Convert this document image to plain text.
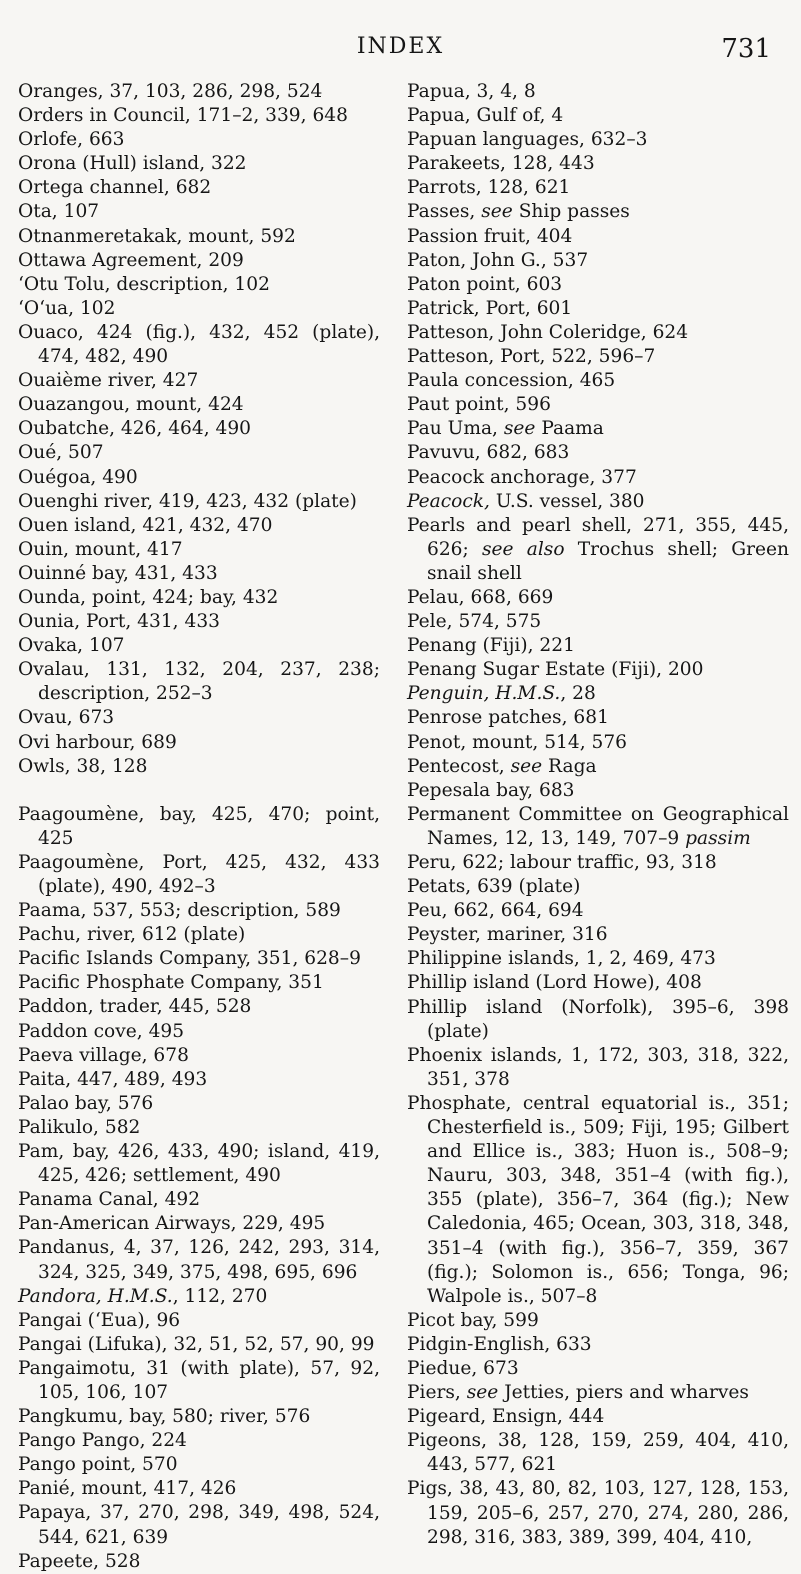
INDEX	731
Oranges, 37, 103, 286, 298, 524
Orders in Council, 171–2, 339, 648
Orlofe, 663
Orona (Hull) island, 322
Ortega channel, 682
Ota, 107
Otnanmeretakak, mount, 592
Ottawa Agreement, 209
‘Otu Tolu, description, 102
‘O‘ua, 102
Ouaco, 424 (fig.), 432, 452 (plate), 474, 482, 490
Ouaième river, 427
Ouazangou, mount, 424
Oubatche, 426, 464, 490
Oué, 507
Ouégoa, 490
Ouenghi river, 419, 423, 432 (plate)
Ouen island, 421, 432, 470
Ouin, mount, 417
Ouinné bay, 431, 433
Ounda, point, 424; bay, 432
Ounia, Port, 431, 433
Ovaka, 107
Ovalau, 131, 132, 204, 237, 238; description, 252–3
Ovau, 673
Ovi harbour, 689
Owls, 38, 128
Paagoumène, bay, 425, 470; point, 425
Paagoumène, Port, 425, 432, 433 (plate), 490, 492–3
Paama, 537, 553; description, 589
Pachu, river, 612 (plate)
Pacific Islands Company, 351, 628–9
Pacific Phosphate Company, 351
Paddon, trader, 445, 528
Paddon cove, 495
Paeva village, 678
Paita, 447, 489, 493
Palao bay, 576
Palikulo, 582
Pam, bay, 426, 433, 490; island, 419, 425, 426; settlement, 490
Panama Canal, 492
Pan-American Airways, 229, 495
Pandanus, 4, 37, 126, 242, 293, 314, 324, 325, 349, 375, 498, 695, 696
Pandora, H.M.S., 112, 270
Pangai (‘Eua), 96
Pangai (Lifuka), 32, 51, 52, 57, 90, 99
Pangaimotu, 31 (with plate), 57, 92, 105, 106, 107
Pangkumu, bay, 580; river, 576
Pango Pango, 224
Pango point, 570
Panié, mount, 417, 426
Papaya, 37, 270, 298, 349, 498, 524, 544, 621, 639
Papeete, 528
Papua, 3, 4, 8
Papua, Gulf of, 4
Papuan languages, 632–3
Parakeets, 128, 443
Parrots, 128, 621
Passes, see Ship passes
Passion fruit, 404
Paton, John G., 537
Paton point, 603
Patrick, Port, 601
Patteson, John Coleridge, 624
Patteson, Port, 522, 596–7
Paula concession, 465
Paut point, 596
Pau Uma, see Paama
Pavuvu, 682, 683
Peacock anchorage, 377
Peacock, U.S. vessel, 380
Pearls and pearl shell, 271, 355, 445, 626; see also Trochus shell; Green snail shell
Pelau, 668, 669
Pele, 574, 575
Penang (Fiji), 221
Penang Sugar Estate (Fiji), 200
Penguin, H.M.S., 28
Penrose patches, 681
Penot, mount, 514, 576
Pentecost, see Raga
Pepesala bay, 683
Permanent Committee on Geographical Names, 12, 13, 149, 707–9 passim
Peru, 622; labour traffic, 93, 318
Petats, 639 (plate)
Peu, 662, 664, 694
Peyster, mariner, 316
Philippine islands, 1, 2, 469, 473
Phillip island (Lord Howe), 408
Phillip island (Norfolk), 395–6, 398 (plate)
Phoenix islands, 1, 172, 303, 318, 322, 351, 378
Phosphate, central equatorial is., 351; Chesterfield is., 509; Fiji, 195; Gilbert and Ellice is., 383; Huon is., 508–9; Nauru, 303, 348, 351–4 (with fig.), 355 (plate), 356–7, 364 (fig.); New Caledonia, 465; Ocean, 303, 318, 348, 351–4 (with fig.), 356–7, 359, 367 (fig.); Solomon is., 656; Tonga, 96; Walpole is., 507–8
Picot bay, 599
Pidgin-English, 633
Piedue, 673
Piers, see Jetties, piers and wharves
Pigeard, Ensign, 444
Pigeons, 38, 128, 159, 259, 404, 410, 443, 577, 621
Pigs, 38, 43, 80, 82, 103, 127, 128, 153, 159, 205–6, 257, 270, 274, 280, 286, 298, 316, 383, 389, 399, 404, 410,
